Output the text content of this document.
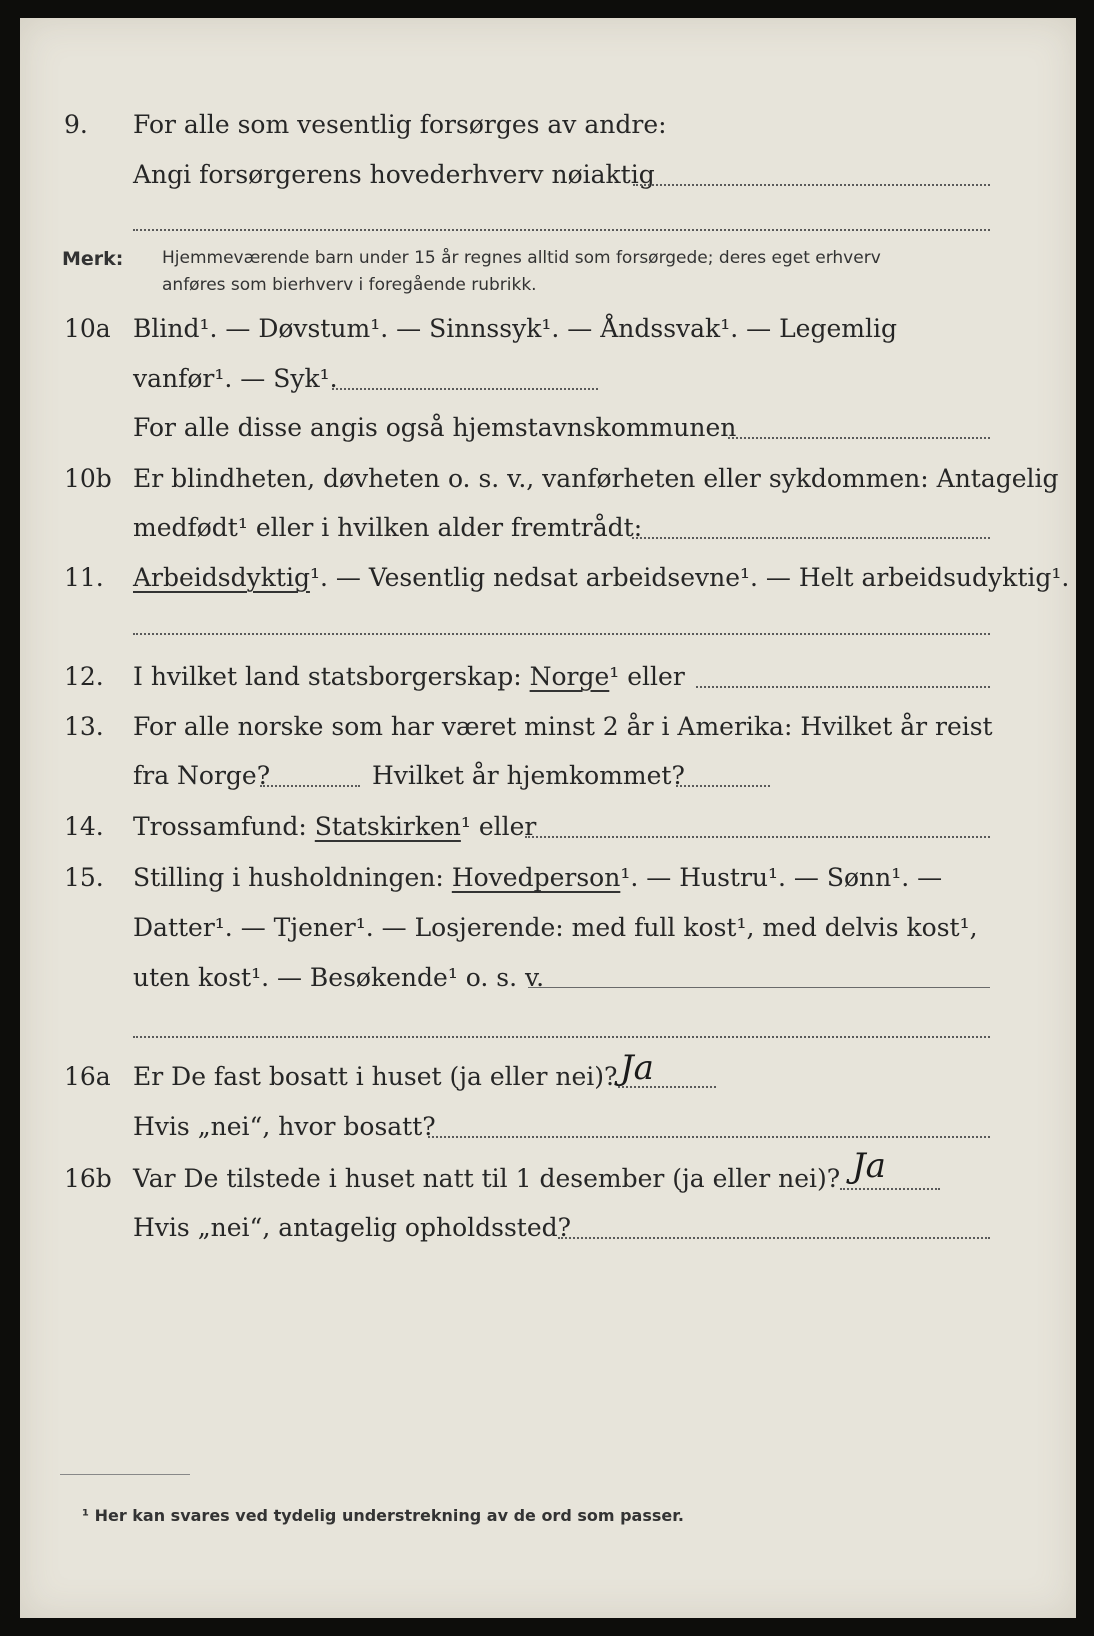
9. For alle som vesentlig forsørges av andre:
Angi forsørgerens hovederhverv nøiaktig
Merk: Hjemmeværende barn under 15 år regnes alltid som forsørgede; deres eget erhverv
anføres som bierhverv i foregående rubrikk.
10a Blind¹. — Døvstum¹. — Sinnssyk¹. — Åndssvak¹. — Legemlig
vanfør¹. — Syk¹.
For alle disse angis også hjemstavnskommunen
10b Er blindheten, døvheten o. s. v., vanførheten eller sykdommen: Antagelig
medfødt¹ eller i hvilken alder fremtrådt:
11. Arbeidsdyktig¹. — Vesentlig nedsat arbeidsevne¹. — Helt arbeidsudyktig¹.
12. I hvilket land statsborgerskap: Norge¹ eller
13. For alle norske som har været minst 2 år i Amerika: Hvilket år reist
fra Norge?	Hvilket år hjemkommet?
14. Trossamfund: Statskirken¹ eller
15. Stilling i husholdningen: Hovedperson¹. — Hustru¹. — Sønn¹. —
Datter¹. — Tjener¹. — Losjerende: med full kost¹, med delvis kost¹,
uten kost¹. — Besøkende¹ o. s. v.
16a Er De fast bosatt i huset (ja eller nei)? Ja
Hvis „nei“, hvor bosatt?
16b Var De tilstede i huset natt til 1 desember (ja eller nei)? Ja
Hvis „nei“, antagelig opholdssted?
¹ Her kan svares ved tydelig understrekning av de ord som passer.
